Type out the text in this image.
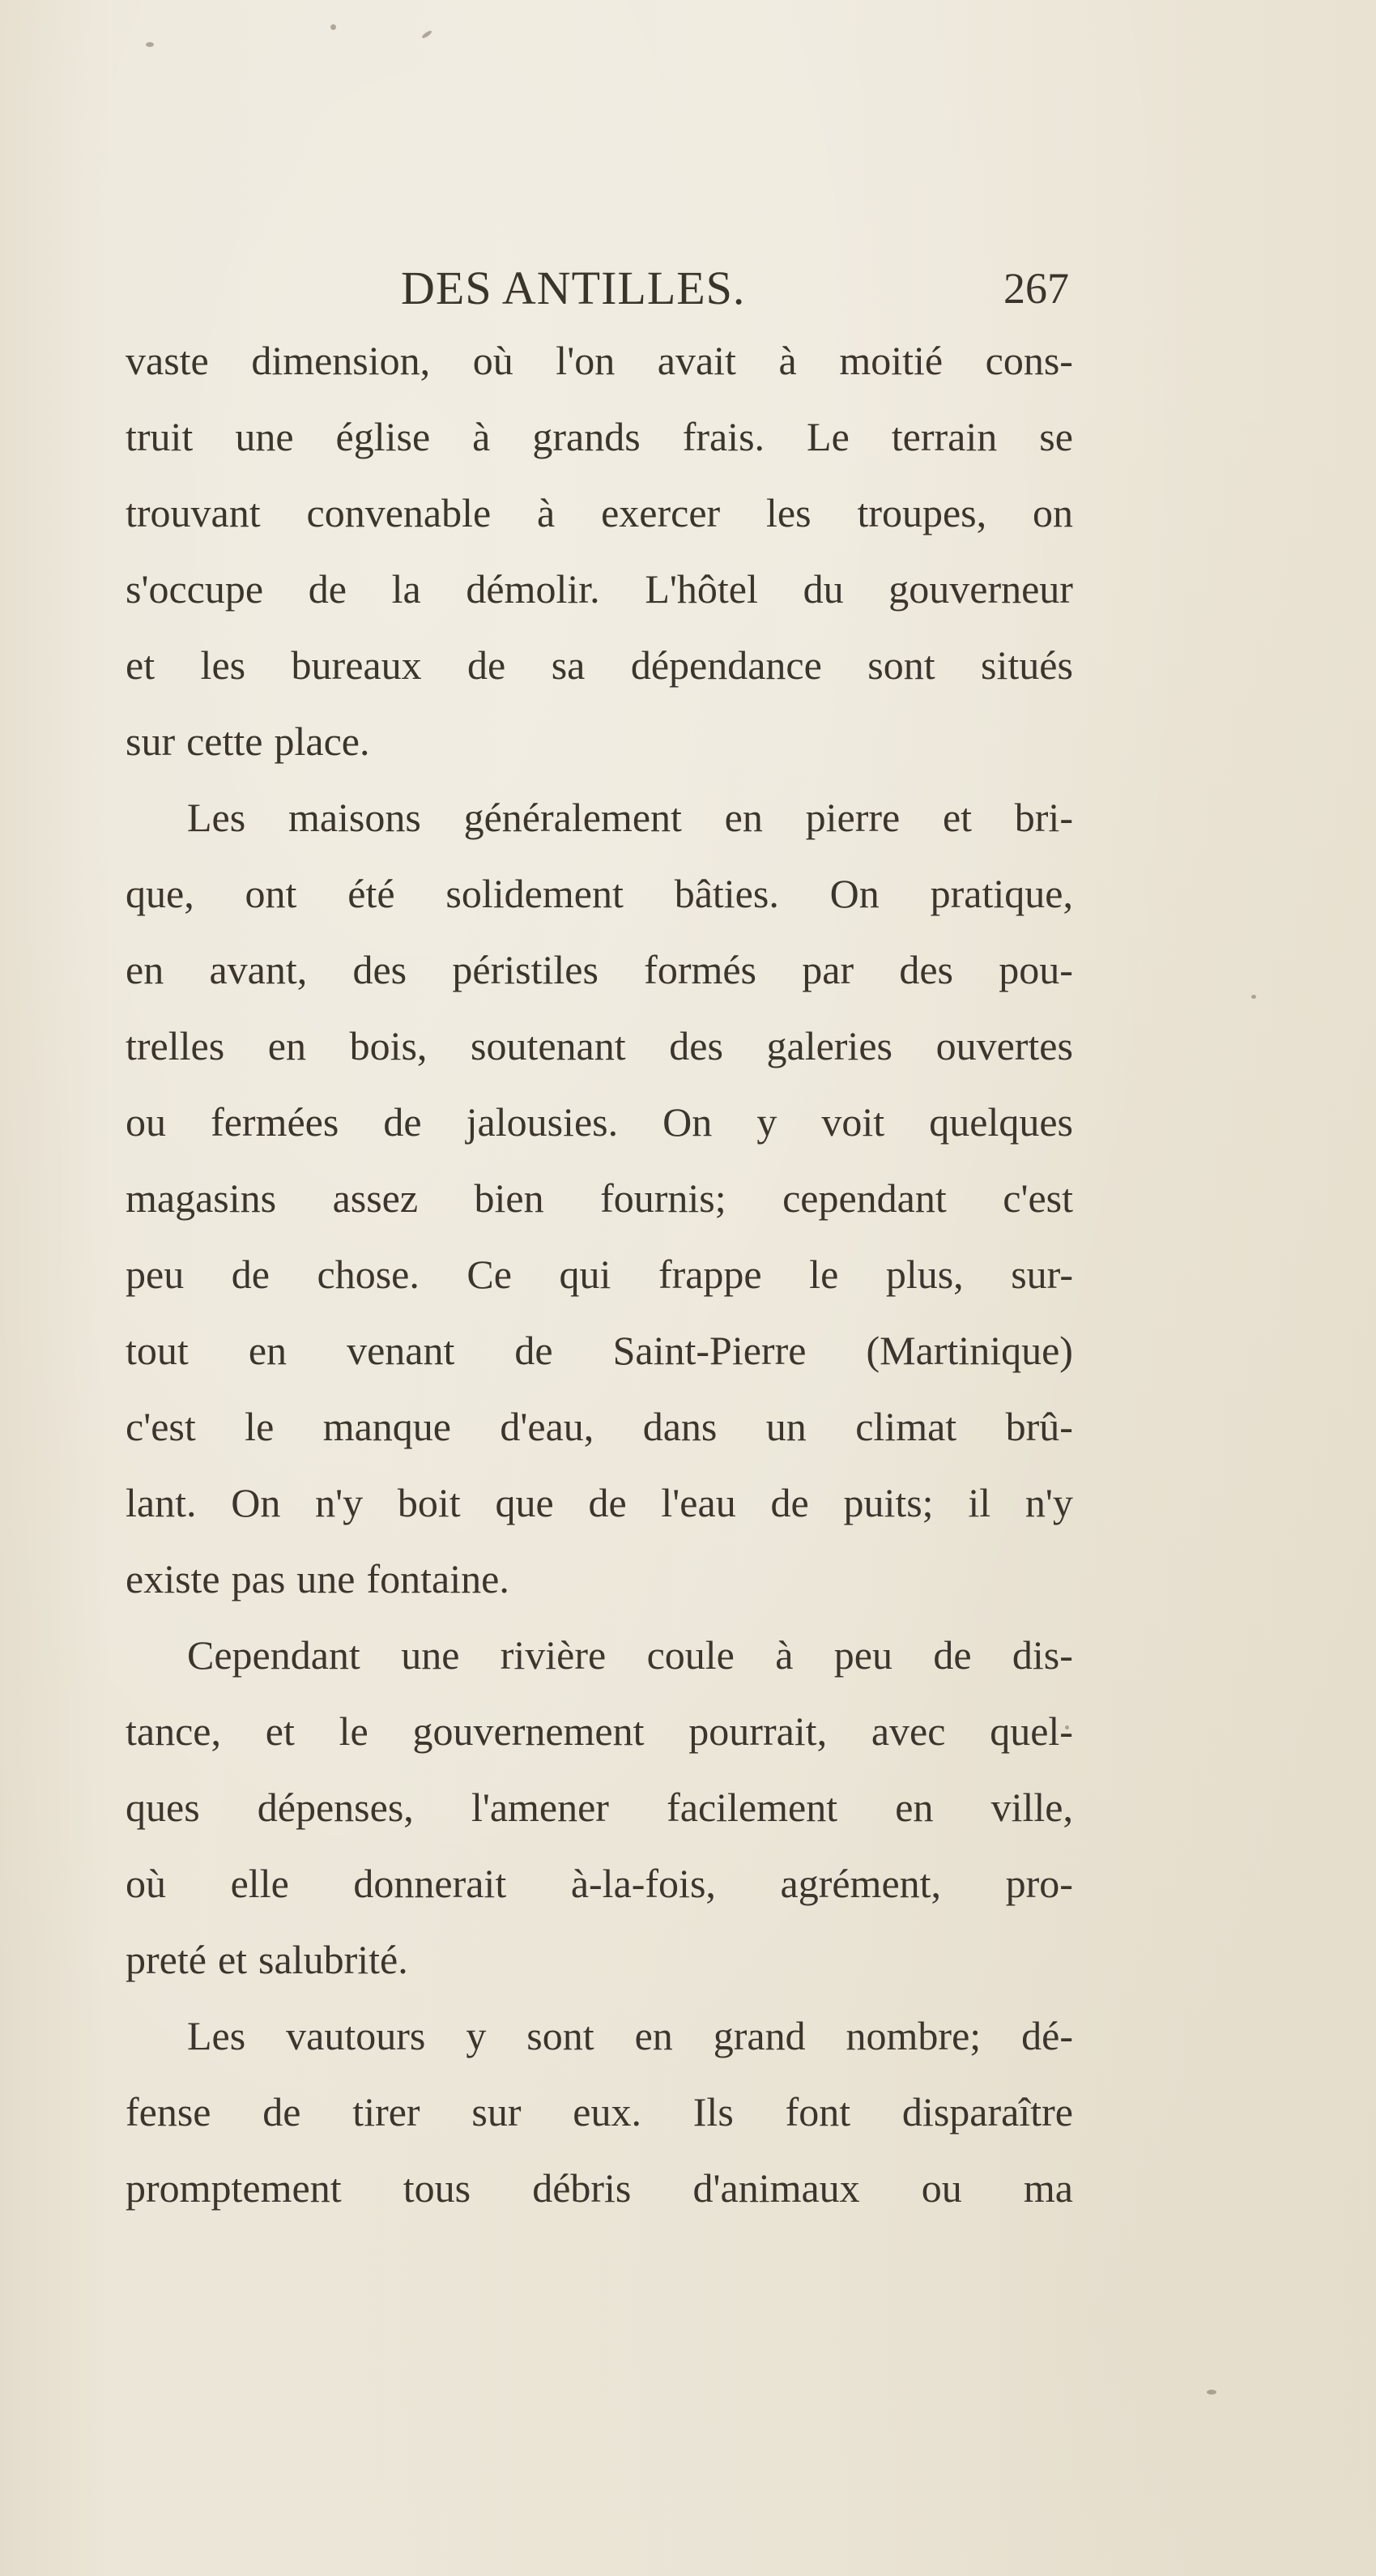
DES ANTILLES.	267
vaste dimension, où l'on avait à moitié cons-
truit une église à grands frais. Le terrain se
trouvant convenable à exercer les troupes, on
s'occupe de la démolir. L'hôtel du gouverneur
et les bureaux de sa dépendance sont situés
sur cette place.
Les maisons généralement en pierre et bri-
que, ont été solidement bâties. On pratique,
en avant, des péristiles formés par des pou-
trelles en bois, soutenant des galeries ouvertes
ou fermées de jalousies. On y voit quelques
magasins assez bien fournis; cependant c'est
peu de chose. Ce qui frappe le plus, sur-
tout en venant de Saint-Pierre (Martinique)
c'est le manque d'eau, dans un climat brû-
lant. On n'y boit que de l'eau de puits; il n'y
existe pas une fontaine.
Cependant une rivière coule à peu de dis-
tance, et le gouvernement pourrait, avec quel-
ques dépenses, l'amener facilement en ville,
où elle donnerait à-la-fois, agrément, pro-
preté et salubrité.
Les vautours y sont en grand nombre; dé-
fense de tirer sur eux. Ils font disparaître
promptement tous débris d'animaux ou ma
